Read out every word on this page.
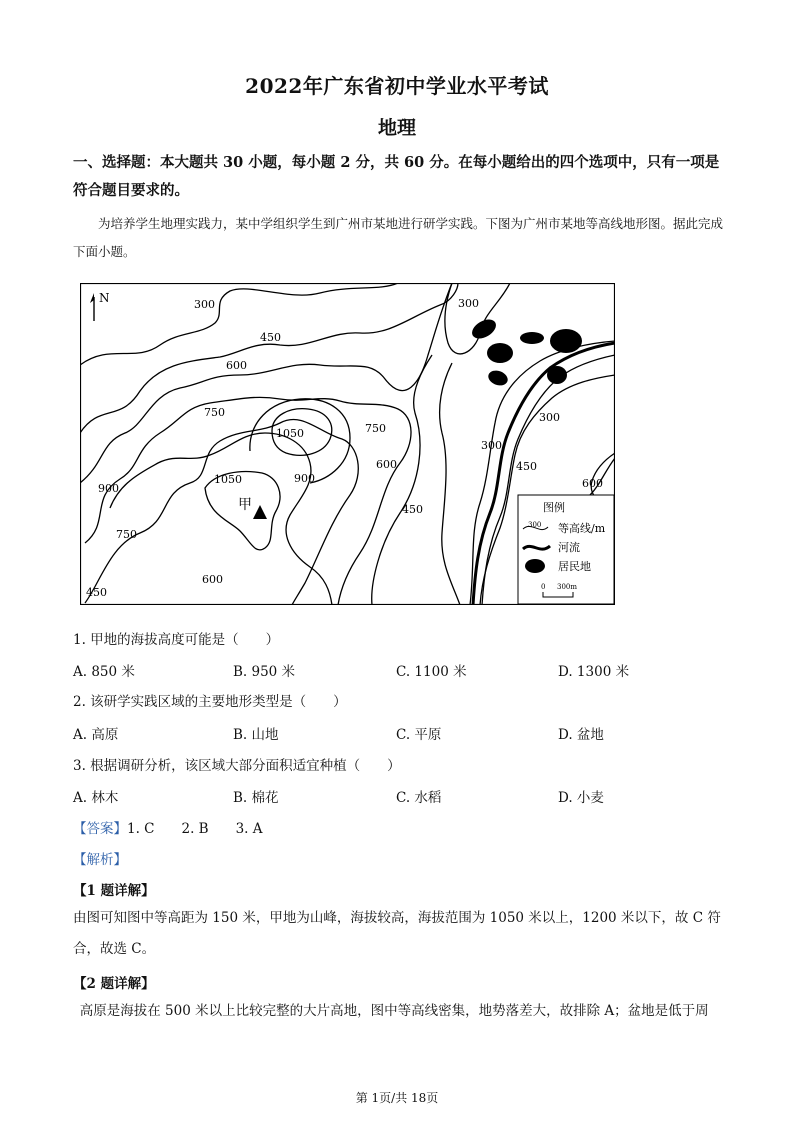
2022年广东省初中学业水平考试
地理
一、选择题：本大题共 30 小题，每小题 2 分，共 60 分。在每小题给出的四个选项中，只有一项是符合题目要求的。
为培养学生地理实践力，某中学组织学生到广州市某地进行研学实践。下图为广州市某地等高线地形图。据此完成下面小题。
N
甲
300
450
600
750
1050
1050	900
900
750
750
600
600
450
450
300
300
300
450
600
图例
300 等高线/m
河流
居民地
0 300m
1. 甲地的海拔高度可能是（　　）
A. 850 米	B. 950 米	C. 1100 米	D. 1300 米
2. 该研学实践区域的主要地形类型是（　　）
A. 高原	B. 山地	C. 平原	D. 盆地
3. 根据调研分析，该区域大部分面积适宜种植（　　）
A. 林木	B. 棉花	C. 水稻	D. 小麦
【答案】1. C　　2. B　　3. A
【解析】
【1 题详解】
由图可知图中等高距为 150 米，甲地为山峰，海拔较高，海拔范围为 1050 米以上，1200 米以下，故 C 符合，故选 C。
【2 题详解】
高原是海拔在 500 米以上比较完整的大片高地，图中等高线密集，地势落差大，故排除 A；盆地是低于周
第 1页/共 18页
